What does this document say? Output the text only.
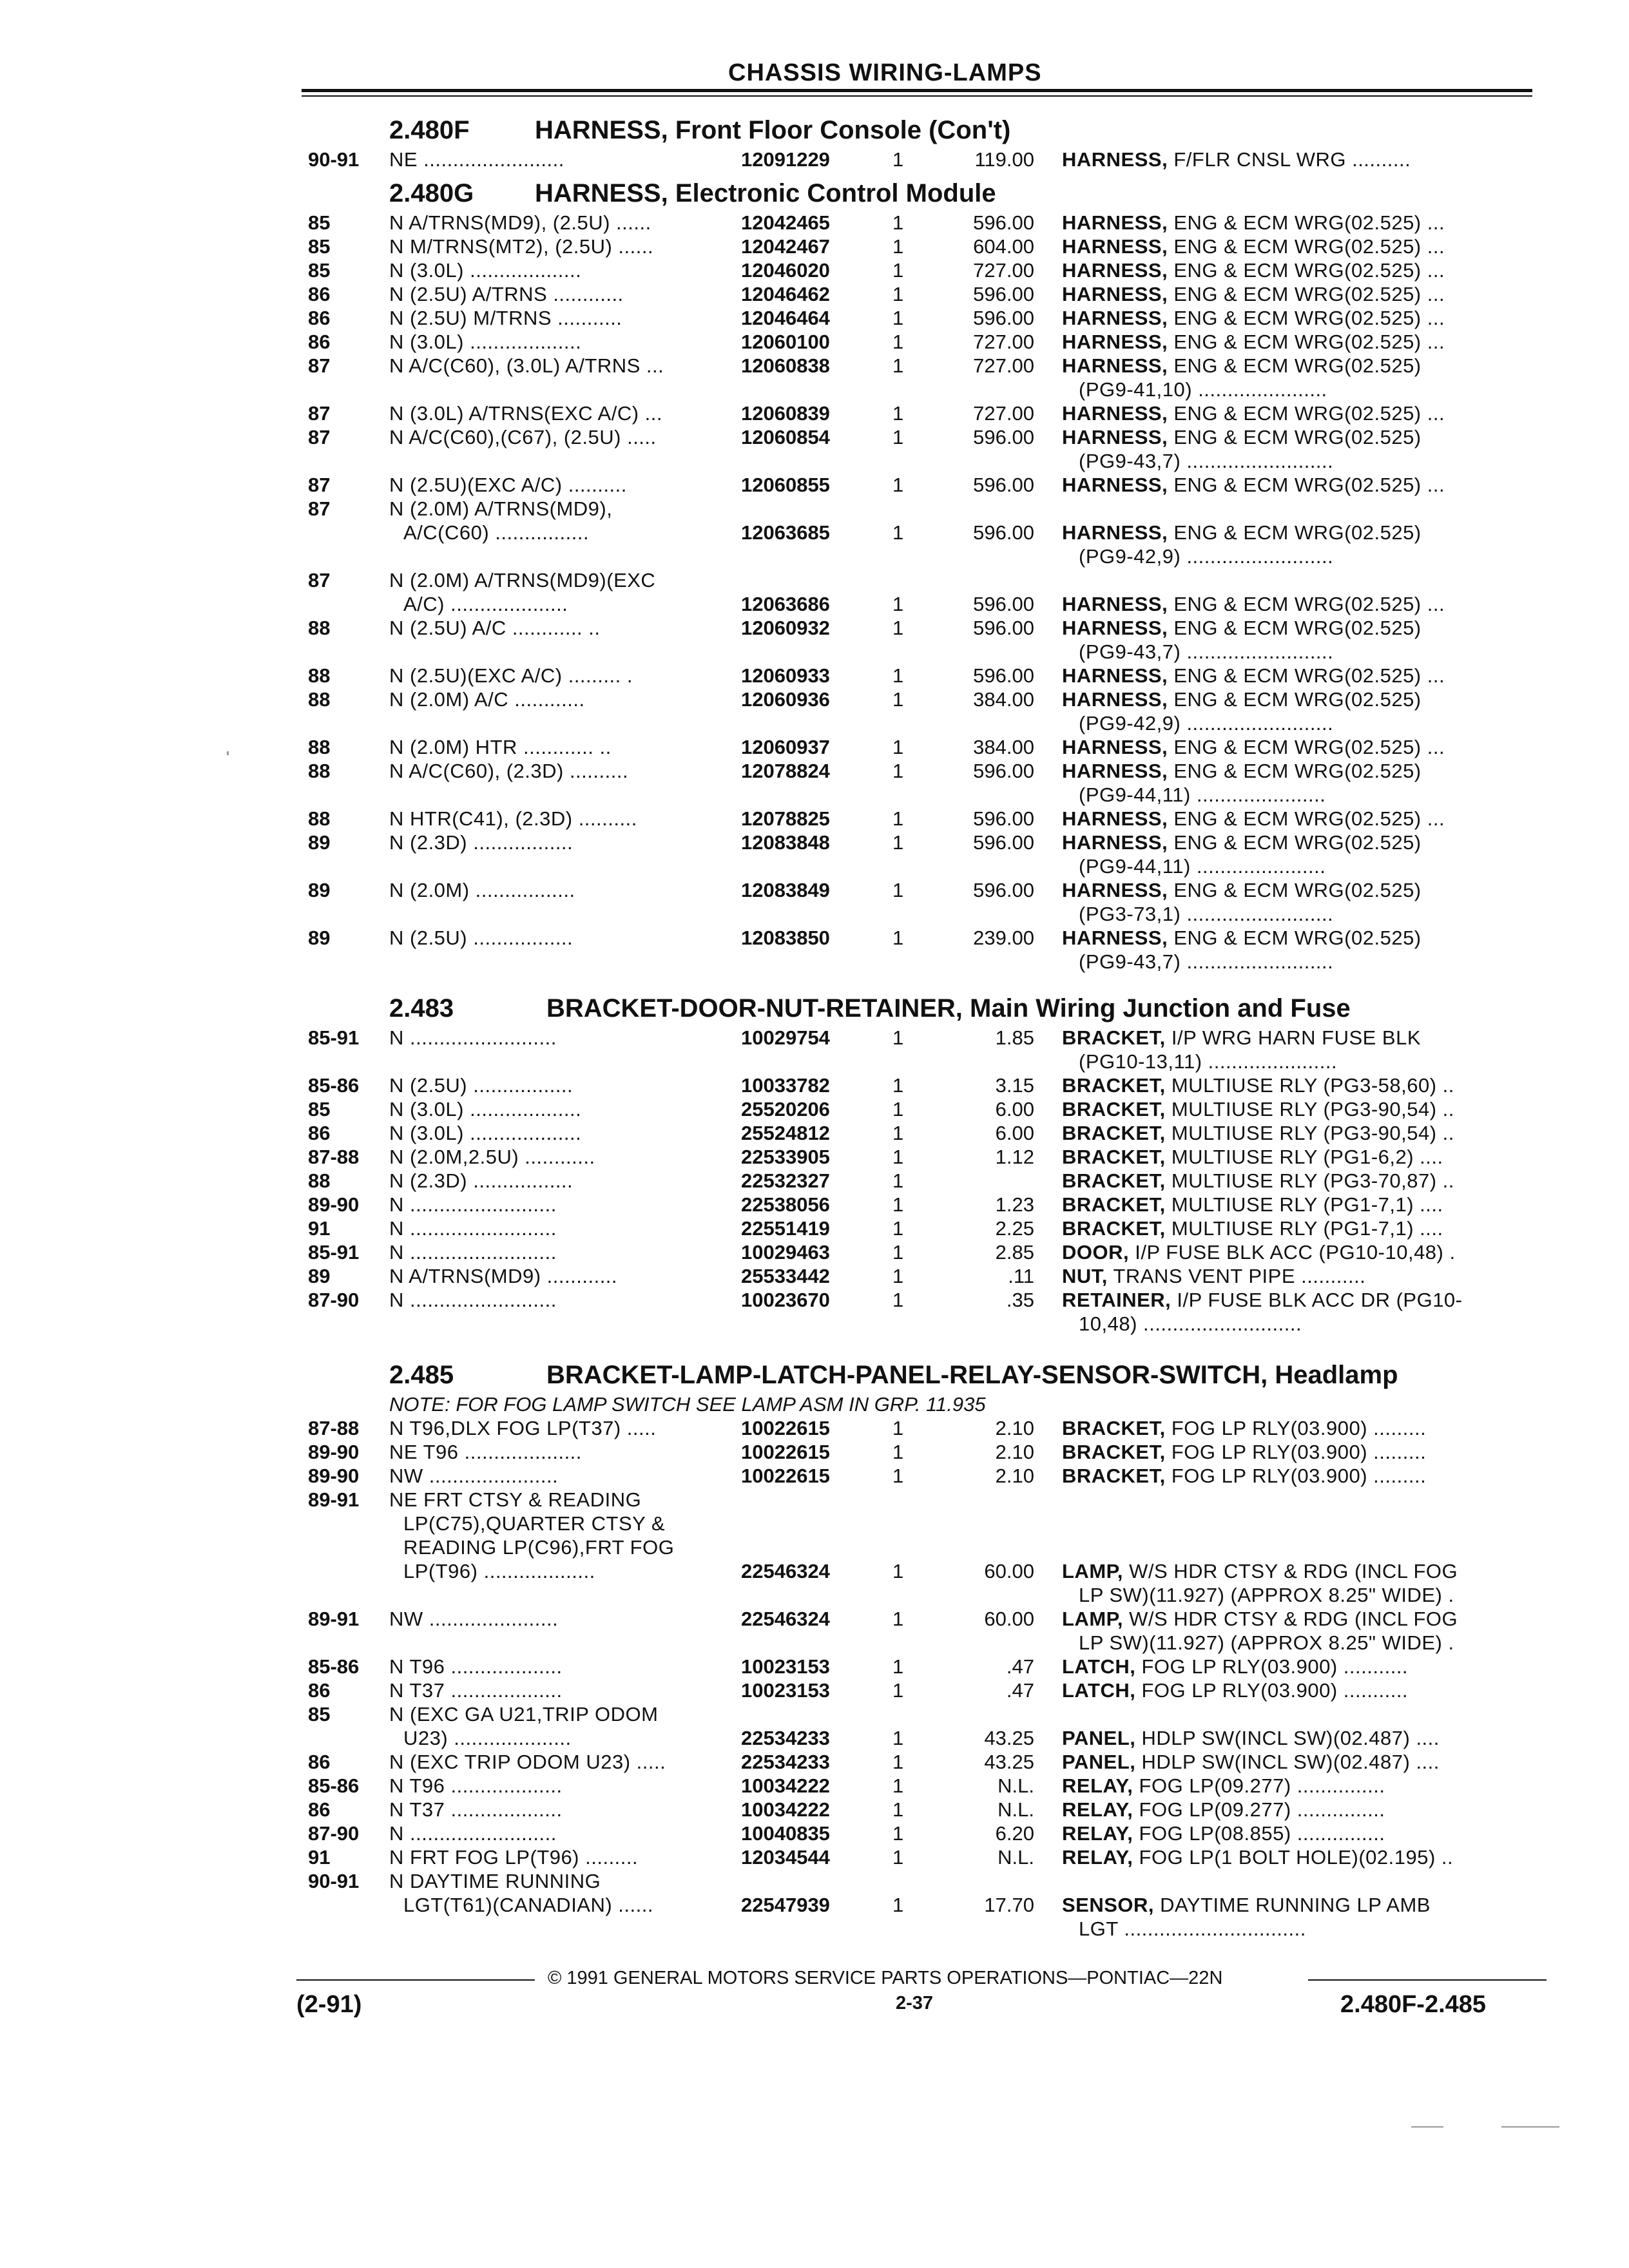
CHASSIS WIRING-LAMPS
2.480F	HARNESS, Front Floor Console (Con't)
90-91 NE ........................	12091229	1	119.00 HARNESS, F/FLR CNSL WRG ..........
2.480G HARNESS, Electronic Control Module
85	N A/TRNS(MD9), (2.5U) ......	12042465	1	596.00 HARNESS, ENG & ECM WRG(02.525) ...
85	N M/TRNS(MT2), (2.5U) ......	12042467	1	604.00 HARNESS, ENG & ECM WRG(02.525) ...
85	N (3.0L) ...................	12046020	1	727.00 HARNESS, ENG & ECM WRG(02.525) ...
86	N (2.5U) A/TRNS ............	12046462	1	596.00 HARNESS, ENG & ECM WRG(02.525) ...
86	N (2.5U) M/TRNS ...........	12046464	1	596.00 HARNESS, ENG & ECM WRG(02.525) ...
86	N (3.0L) ...................	12060100	1	727.00 HARNESS, ENG & ECM WRG(02.525) ...
87	N A/C(C60), (3.0L) A/TRNS ...	12060838	1	727.00 HARNESS, ENG & ECM WRG(02.525)
(PG9-41,10) ......................
87	N (3.0L) A/TRNS(EXC A/C) ...	12060839	1	727.00 HARNESS, ENG & ECM WRG(02.525) ...
87	N A/C(C60),(C67), (2.5U) .....	12060854	1	596.00 HARNESS, ENG & ECM WRG(02.525)
(PG9-43,7) .........................
87	N (2.5U)(EXC A/C) ..........	12060855	1	596.00 HARNESS, ENG & ECM WRG(02.525) ...
87	N (2.0M) A/TRNS(MD9),
A/C(C60) ................	12063685	1	596.00 HARNESS, ENG & ECM WRG(02.525)
(PG9-42,9) .........................
87	N (2.0M) A/TRNS(MD9)(EXC
A/C) ....................	12063686	1	596.00 HARNESS, ENG & ECM WRG(02.525) ...
88	N (2.5U) A/C ............ ..	12060932	1	596.00 HARNESS, ENG & ECM WRG(02.525)
(PG9-43,7) .........................
88	N (2.5U)(EXC A/C) ......... .	12060933	1	596.00 HARNESS, ENG & ECM WRG(02.525) ...
88	N (2.0M) A/C ............	12060936	1	384.00 HARNESS, ENG & ECM WRG(02.525)
(PG9-42,9) .........................
88	N (2.0M) HTR ............ ..	12060937	1	384.00 HARNESS, ENG & ECM WRG(02.525) ...
88	N A/C(C60), (2.3D) ..........	12078824	1	596.00 HARNESS, ENG & ECM WRG(02.525)
(PG9-44,11) ......................
88	N HTR(C41), (2.3D) ..........	12078825	1	596.00 HARNESS, ENG & ECM WRG(02.525) ...
89	N (2.3D) .................	12083848	1	596.00 HARNESS, ENG & ECM WRG(02.525)
(PG9-44,11) ......................
89	N (2.0M) .................	12083849	1	596.00 HARNESS, ENG & ECM WRG(02.525)
(PG3-73,1) .........................
89	N (2.5U) .................	12083850	1	239.00 HARNESS, ENG & ECM WRG(02.525)
(PG9-43,7) .........................
2.483	BRACKET-DOOR-NUT-RETAINER, Main Wiring Junction and Fuse
85-91 N .........................	10029754	1	1.85 BRACKET, I/P WRG HARN FUSE BLK
(PG10-13,11) ......................
85-86 N (2.5U) .................	10033782	1	3.15 BRACKET, MULTIUSE RLY (PG3-58,60) ..
85	N (3.0L) ...................	25520206	1	6.00 BRACKET, MULTIUSE RLY (PG3-90,54) ..
86	N (3.0L) ...................	25524812	1	6.00 BRACKET, MULTIUSE RLY (PG3-90,54) ..
87-88 N (2.0M,2.5U) ............	22533905	1	1.12 BRACKET, MULTIUSE RLY (PG1-6,2) ....
88	N (2.3D) .................	22532327	1	BRACKET, MULTIUSE RLY (PG3-70,87) ..
89-90 N .........................	22538056	1	1.23 BRACKET, MULTIUSE RLY (PG1-7,1) ....
91	N .........................	22551419	1	2.25 BRACKET, MULTIUSE RLY (PG1-7,1) ....
85-91 N .........................	10029463	1	2.85 DOOR, I/P FUSE BLK ACC (PG10-10,48) .
89	N A/TRNS(MD9) ............	25533442	1	.11 NUT, TRANS VENT PIPE ...........
87-90 N .........................	10023670	1	.35 RETAINER, I/P FUSE BLK ACC DR (PG10-
10,48) ...........................
2.485	BRACKET-LAMP-LATCH-PANEL-RELAY-SENSOR-SWITCH, Headlamp
NOTE: FOR FOG LAMP SWITCH SEE LAMP ASM IN GRP. 11.935
87-88 N T96,DLX FOG LP(T37) .....	10022615	1	2.10 BRACKET, FOG LP RLY(03.900) .........
89-90 NE T96 ....................	10022615	1	2.10 BRACKET, FOG LP RLY(03.900) .........
89-90 NW ......................	10022615	1	2.10 BRACKET, FOG LP RLY(03.900) .........
89-91 NE FRT CTSY & READING
LP(C75),QUARTER CTSY &
READING LP(C96),FRT FOG
LP(T96) ...................	22546324	1	60.00 LAMP, W/S HDR CTSY & RDG (INCL FOG
LP SW)(11.927) (APPROX 8.25" WIDE) .
89-91 NW ......................	22546324	1	60.00 LAMP, W/S HDR CTSY & RDG (INCL FOG
LP SW)(11.927) (APPROX 8.25" WIDE) .
85-86 N T96 ...................	10023153	1	.47 LATCH, FOG LP RLY(03.900) ...........
86	N T37 ...................	10023153	1	.47 LATCH, FOG LP RLY(03.900) ...........
85	N (EXC GA U21,TRIP ODOM
U23) ....................	22534233	1	43.25 PANEL, HDLP SW(INCL SW)(02.487) ....
86	N (EXC TRIP ODOM U23) .....	22534233	1	43.25 PANEL, HDLP SW(INCL SW)(02.487) ....
85-86 N T96 ...................	10034222	1	N.L. RELAY, FOG LP(09.277) ...............
86	N T37 ...................	10034222	1	N.L. RELAY, FOG LP(09.277) ...............
87-90 N .........................	10040835	1	6.20 RELAY, FOG LP(08.855) ...............
91	N FRT FOG LP(T96) .........	12034544	1	N.L. RELAY, FOG LP(1 BOLT HOLE)(02.195) ..
90-91 N DAYTIME RUNNING
LGT(T61)(CANADIAN) ......	22547939	1	17.70 SENSOR, DAYTIME RUNNING LP AMB
LGT ...............................
© 1991 GENERAL MOTORS SERVICE PARTS OPERATIONS—PONTIAC—22N
(2-91)	2-37	2.480F-2.485
